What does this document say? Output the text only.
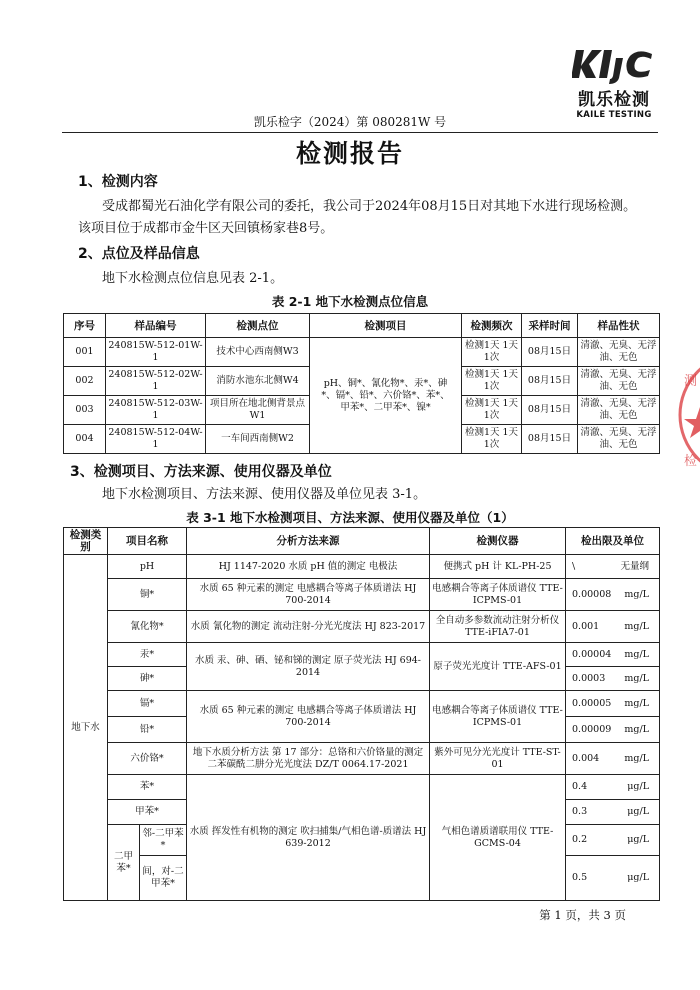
凯乐检测
KAILE TESTING
凯乐检字（2024）第 080281W 号
检测报告
1、检测内容
受成都蜀光石油化学有限公司的委托，我公司于2024年08月15日对其地下水进行现场检测。
该项目位于成都市金牛区天回镇杨家巷8号。
2、点位及样品信息
地下水检测点位信息见表 2-1。
表 2-1 地下水检测点位信息
序号	样品编号	检测点位	检测项目	检测频次	采样时间	样品性状
001	240815W-512-01W-1	技术中心西南侧W3	pH、铜*、氰化物*、汞*、砷*、镉*、铅*、六价铬*、苯*、甲苯*、二甲苯*、镍*	检测1天 1天1次	08月15日	清澈、无臭、无浮油、无色
002	240815W-512-02W-1	消防水池东北侧W4		检测1天 1天1次	08月15日	清澈、无臭、无浮油、无色
003	240815W-512-03W-1	项目所在地北侧背景点W1		检测1天 1天1次	08月15日	清澈、无臭、无浮油、无色
004	240815W-512-04W-1	一车间西南侧W2		检测1天 1天1次	08月15日	清澈、无臭、无浮油、无色
3、检测项目、方法来源、使用仪器及单位
地下水检测项目、方法来源、使用仪器及单位见表 3-1。
表 3-1 地下水检测项目、方法来源、使用仪器及单位（1）
检测类别	项目名称		分析方法来源	检测仪器	检出限及单位
地下水	pH		HJ 1147-2020 水质 pH 值的测定 电极法	便携式 pH 计 KL-PH-25	\ 无量纲

	铜*		水质 65 种元素的测定 电感耦合等离子体质谱法 HJ 700-2014	电感耦合等离子体质谱仪 TTE-ICPMS-01	0.00008 mg/L

	氰化物*		水质 氰化物的测定 流动注射-分光光度法 HJ 823-2017	全自动多参数流动注射分析仪 TTE-iFIA7-01	0.001 mg/L

	汞*		水质 汞、砷、硒、铋和锑的测定 原子荧光法 HJ 694-2014	原子荧光光度计 TTE-AFS-01	0.00004 mg/L

	砷*				0.0003 mg/L

	镉*		水质 65 种元素的测定 电感耦合等离子体质谱法 HJ 700-2014	电感耦合等离子体质谱仪 TTE-ICPMS-01	0.00005 mg/L

	铅*				0.00009 mg/L

	六价铬*		地下水质分析方法 第 17 部分：总铬和六价铬量的测定 二苯碳酰二肼分光光度法 DZ/T 0064.17-2021	紫外可见分光光度计 TTE-ST-01	0.004 mg/L

	苯*		水质 挥发性有机物的测定 吹扫捕集/气相色谱-质谱法 HJ 639-2012	气相色谱质谱联用仪 TTE-GCMS-04	0.4 μg/L

	甲苯*				0.3 μg/L

	二甲苯*	邻-二甲苯*			0.2 μg/L

		间，对-二甲苯*			0.5 μg/L

测
检
第 1 页，共 3 页
